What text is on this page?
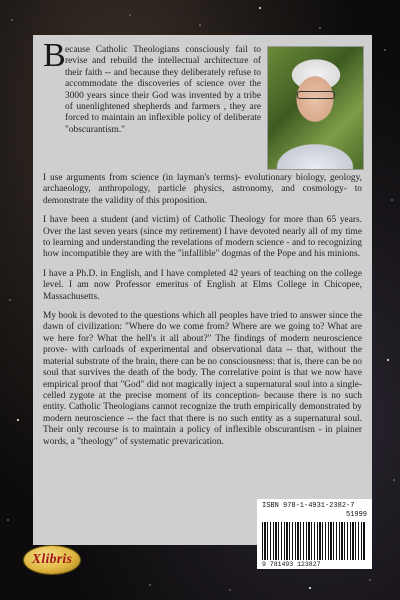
B ecause Catholic Theologians consciously fail to revise and rebuild the intellectual architecture of their faith -- and because they deliberately refuse to accommodate the discoveries of science over the 3000 years since their God was invented by a tribe of unenlightened shepherds and farmers , they are forced to maintain an inflexible policy of deliberate "obscurantism."

I use arguments from science (in layman's terms)- evolutionary biology, geology, archaeology, anthropology, particle physics, astronomy, and cosmology- to demonstrate the validity of this proposition.

I have been a student (and victim) of Catholic Theology for more than 65 years. Over the last seven years (since my retirement) I have devoted nearly all of my time to learning and understanding the revelations of modern science - and to recognizing how incompatible they are with the "infallible" dogmas of the Pope and his minions.

I have a Ph.D. in English, and I have completed 42 years of teaching on the college level. I am now Professor emeritus of English at Elms College in Chicopee, Massachusetts.

My book is devoted to the questions which all peoples have tried to answer since the dawn of civilization: "Where do we come from? Where are we going to? What are we here for? What the hell's it all about?" The findings of modern neuroscience prove- with carloads of experimental and observational data -- that, without the material substrate of the brain, there can be no consciousness: that is, there can be no soul that survives the death of the body. The correlative point is that we now have empirical proof that "God" did not magically inject a supernatural soul into a single-celled zygote at the precise moment of its conception- because there is no such entity. Catholic Theologians cannot recognize the truth empirically demonstrated by modern neuroscience -- the fact that there is no such entity as a supernatural soul. Their only recourse is to maintain a policy of inflexible obscurantism - in plainer words, a "theology" of systematic prevarication.

Xlibris
ISBN 978-1-4931-2382-7
51999
9 781493 123827
